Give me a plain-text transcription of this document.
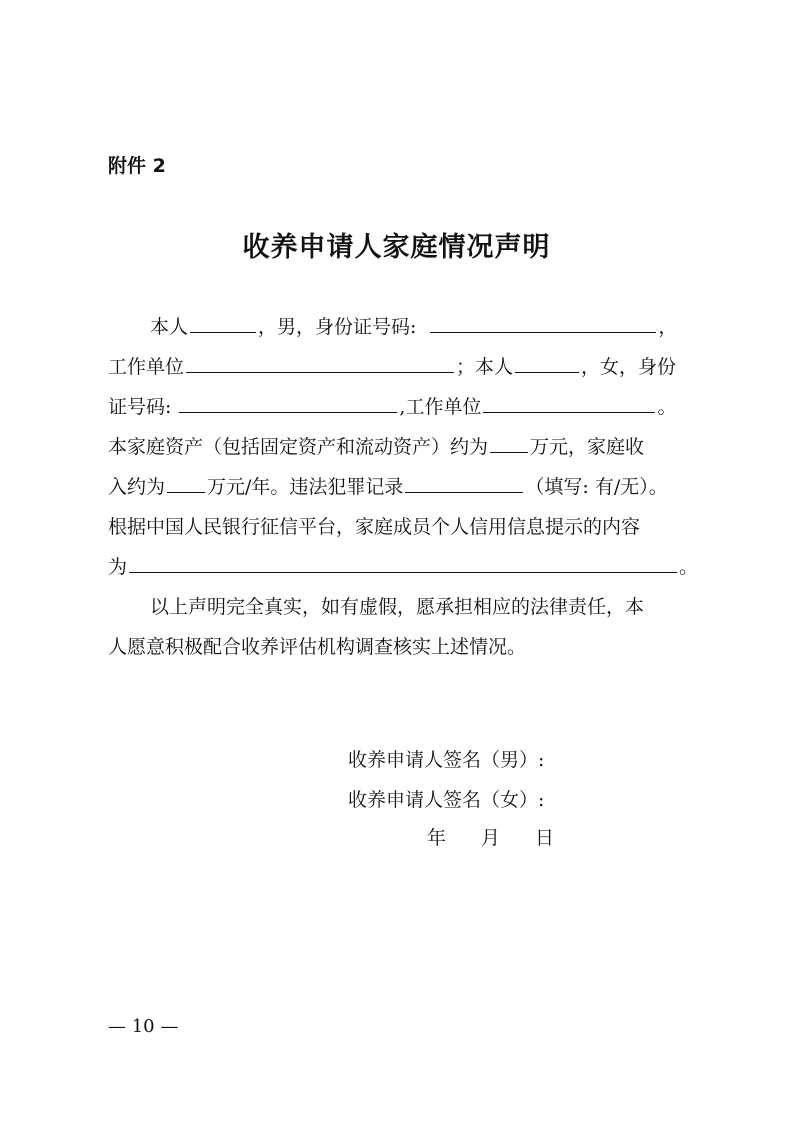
附件 2
收养申请人家庭情况声明
本人	，男，身份证号码:	，
工作单位	；本人	，女，身份
证号码:	,工作单位	。
本家庭资产（包括固定资产和流动资产）约为 万元，家庭收
入约为 万元/年。违法犯罪记录	（填写: 有/无）。
根据中国人民银行征信平台，家庭成员个人信用信息提示的内容
为	。
以上声明完全真实，如有虚假，愿承担相应的法律责任，本
人愿意积极配合收养评估机构调查核实上述情况。
收养申请人签名（男）:
收养申请人签名（女）:
年 月 日
— 10 —
